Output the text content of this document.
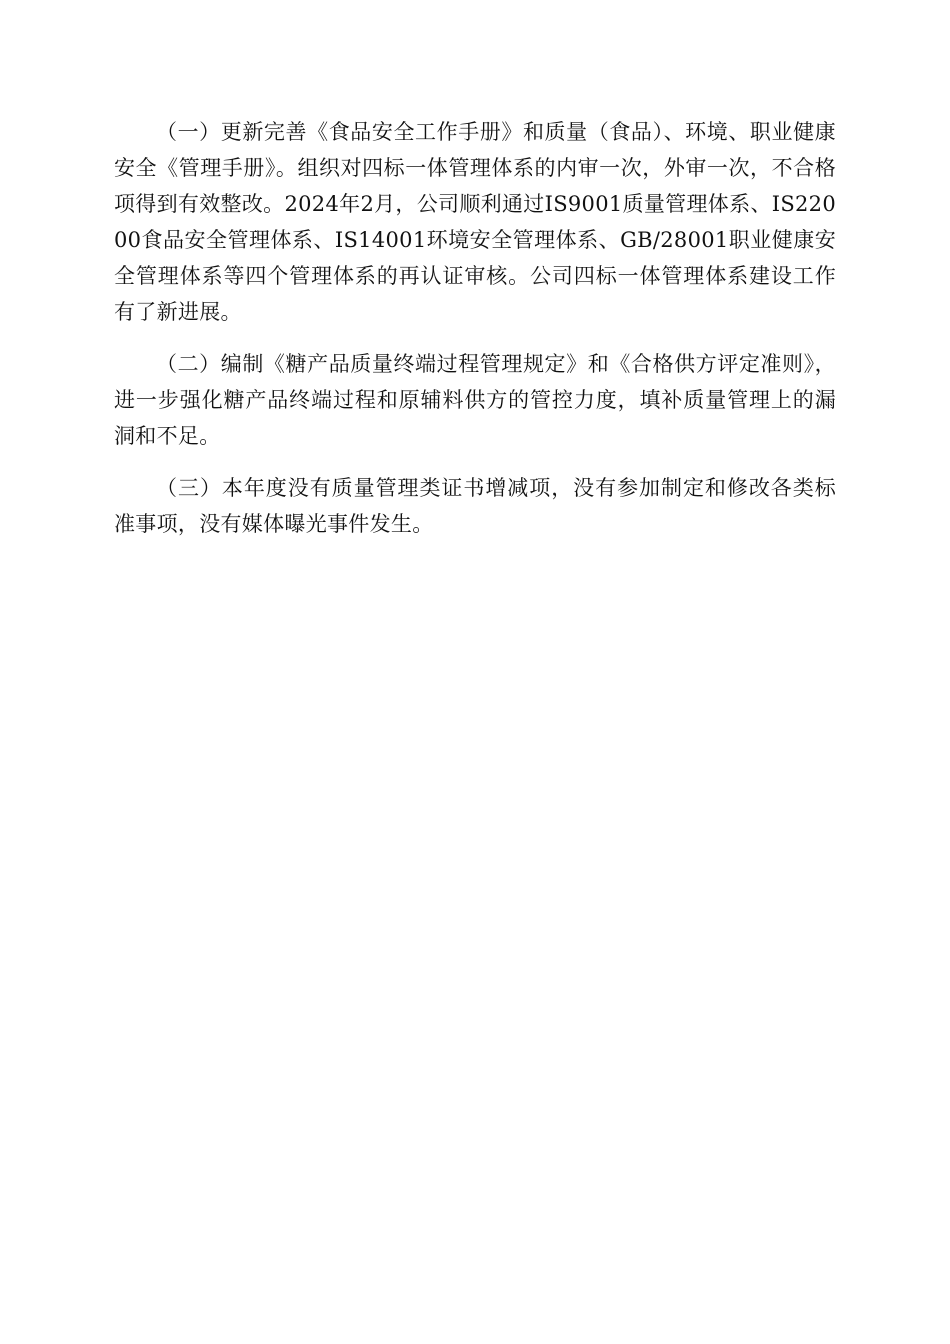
（一）更新完善《食品安全工作手册》和质量（食品）、环境、职业健康安全《管理手册》。组织对四标一体管理体系的内审一次，外审一次，不合格项得到有效整改。2024年2月，公司顺利通过IS9001质量管理体系、IS22000食品安全管理体系、IS14001环境安全管理体系、GB/28001职业健康安全管理体系等四个管理体系的再认证审核。公司四标一体管理体系建设工作有了新进展。

（二）编制《糖产品质量终端过程管理规定》和《合格供方评定准则》，进一步强化糖产品终端过程和原辅料供方的管控力度，填补质量管理上的漏洞和不足。

（三）本年度没有质量管理类证书增减项，没有参加制定和修改各类标准事项，没有媒体曝光事件发生。
